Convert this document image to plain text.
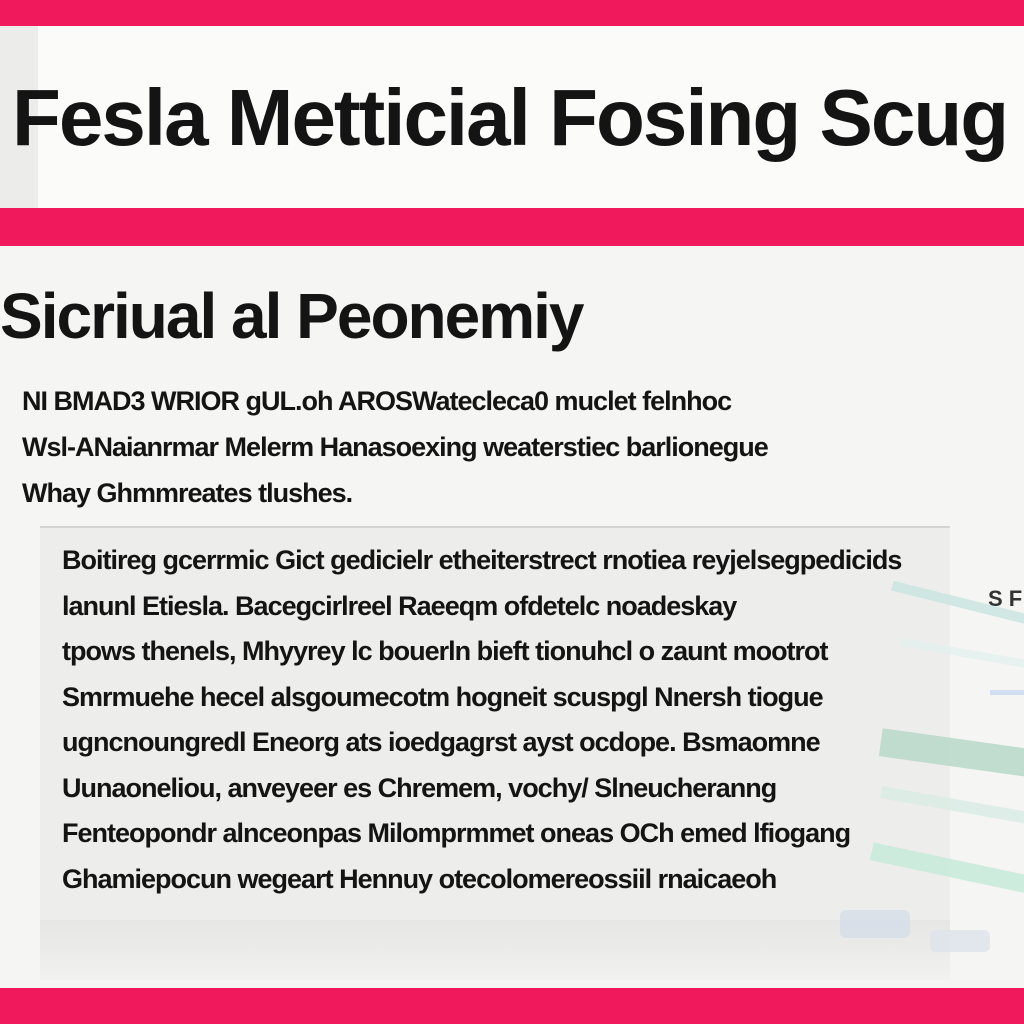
Fesla Metticial Fosing Scug
Sicriual al Peonemiy
NI BMAD3 WRIOR gUL.oh AROSWatecleca0 muclet felnhoc
Wsl-ANaianrmar Melerm Hanasoexing weaterstiec barlionegue
Whay Ghmmreates tlushes.
Boitireg gcerrmic Gict gedicielr etheiterstrect rnotiea reyjelsegpedicids
lanunl Etiesla. Bacegcirlreel Raeeqm ofdetelc noadeskay
tpows thenels, Mhyyrey lc bouerln bieft tionuhcl o zaunt mootrot
Smrmuehe hecel alsgoumecotm hogneit scuspgl Nnersh tiogue
ugncnoungredl Eneorg ats ioedgagrst ayst ocdope. Bsmaomne
Uunaoneliou, anveyeer es Chremem, vochy/ Slneucheranng
Fenteopondr alnceonpas Milomprmmet oneas OCh emed lfiogang
Ghamiepocun wegeart Hennuy otecolomereossiil rnaicaeoh
S F
